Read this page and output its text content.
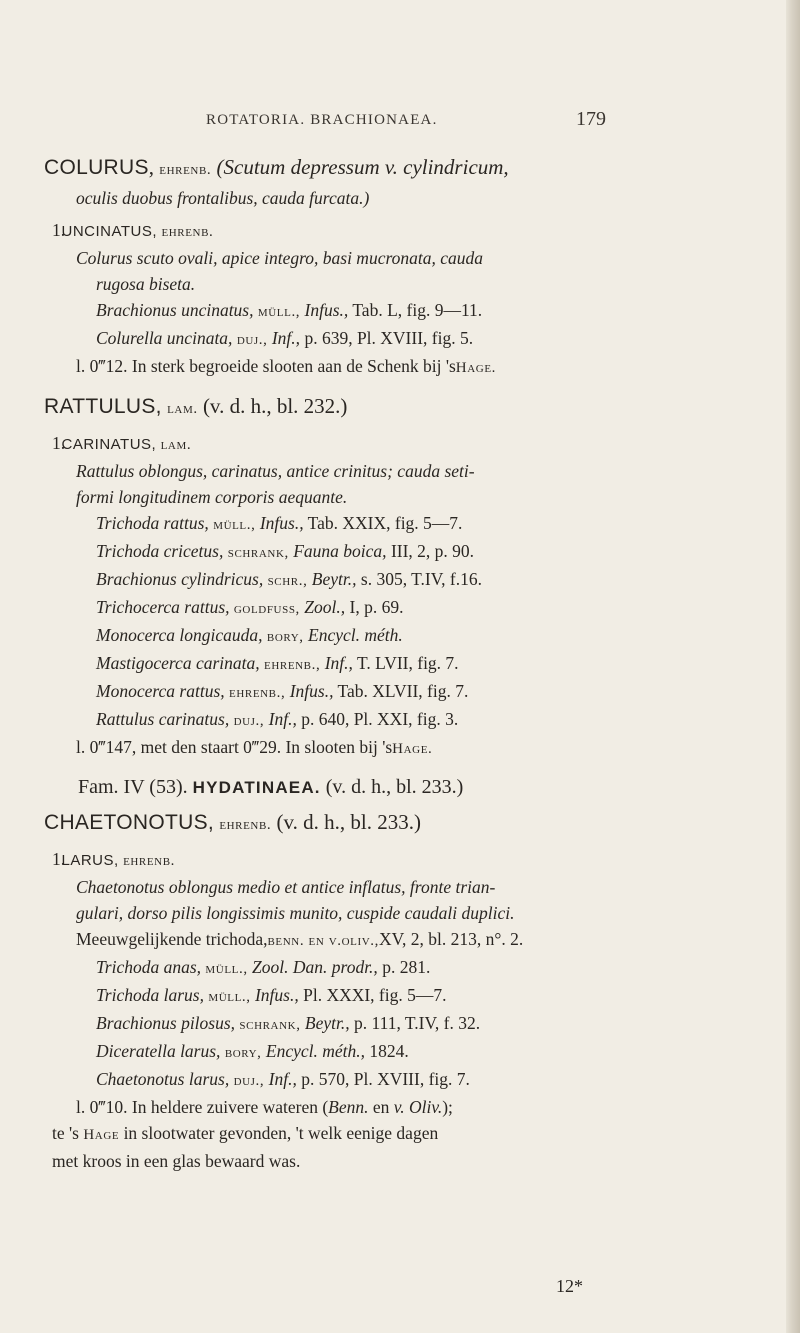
ROTATORIA. BRACHIONAEA.	179
COLURUS, ehrenb. (Scutum depressum v. cylindricum,
oculis duobus frontalibus, cauda furcata.)
1. UNCINATUS, ehrenb.
Colurus scuto ovali, apice integro, basi mucronata, cauda
rugosa biseta.
Brachionus uncinatus, müll., Infus., Tab. L, fig. 9—11.
Colurella uncinata, duj., Inf., p. 639, Pl. XVIII, fig. 5.
l. 0‴12. In sterk begroeide slooten aan de Schenk bij 'sHage.
RATTULUS, lam. (v. d. h., bl. 232.)
1. CARINATUS, lam.
Rattulus oblongus, carinatus, antice crinitus; cauda seti-
formi longitudinem corporis aequante.
Trichoda rattus, müll., Infus., Tab. XXIX, fig. 5—7.
Trichoda cricetus, schrank, Fauna boica, III, 2, p. 90.
Brachionus cylindricus, schr., Beytr., s. 305, T.IV, f.16.
Trichocerca rattus, goldfuss, Zool., I, p. 69.
Monocerca longicauda, bory, Encycl. méth.
Mastigocerca carinata, ehrenb., Inf., T. LVII, fig. 7.
Monocerca rattus, ehrenb., Infus., Tab. XLVII, fig. 7.
Rattulus carinatus, duj., Inf., p. 640, Pl. XXI, fig. 3.
l. 0‴147, met den staart 0‴29. In slooten bij 'sHage.
Fam. IV (53). HYDATINAEA. (v. d. h., bl. 233.)
CHAETONOTUS, ehrenb. (v. d. h., bl. 233.)
1. LARUS, ehrenb.
Chaetonotus oblongus medio et antice inflatus, fronte trian-
gulari, dorso pilis longissimis munito, cuspide caudali duplici.
Meeuwgelijkende trichoda,benn. en v.oliv.,XV, 2, bl. 213, n°. 2.
Trichoda anas, müll., Zool. Dan. prodr., p. 281.
Trichoda larus, müll., Infus., Pl. XXXI, fig. 5—7.
Brachionus pilosus, schrank, Beytr., p. 111, T.IV, f. 32.
Diceratella larus, bory, Encycl. méth., 1824.
Chaetonotus larus, duj., Inf., p. 570, Pl. XVIII, fig. 7.
l. 0‴10. In heldere zuivere wateren (Benn. en v. Oliv.);
te 's Hage in slootwater gevonden, 't welk eenige dagen
met kroos in een glas bewaard was.
12*
